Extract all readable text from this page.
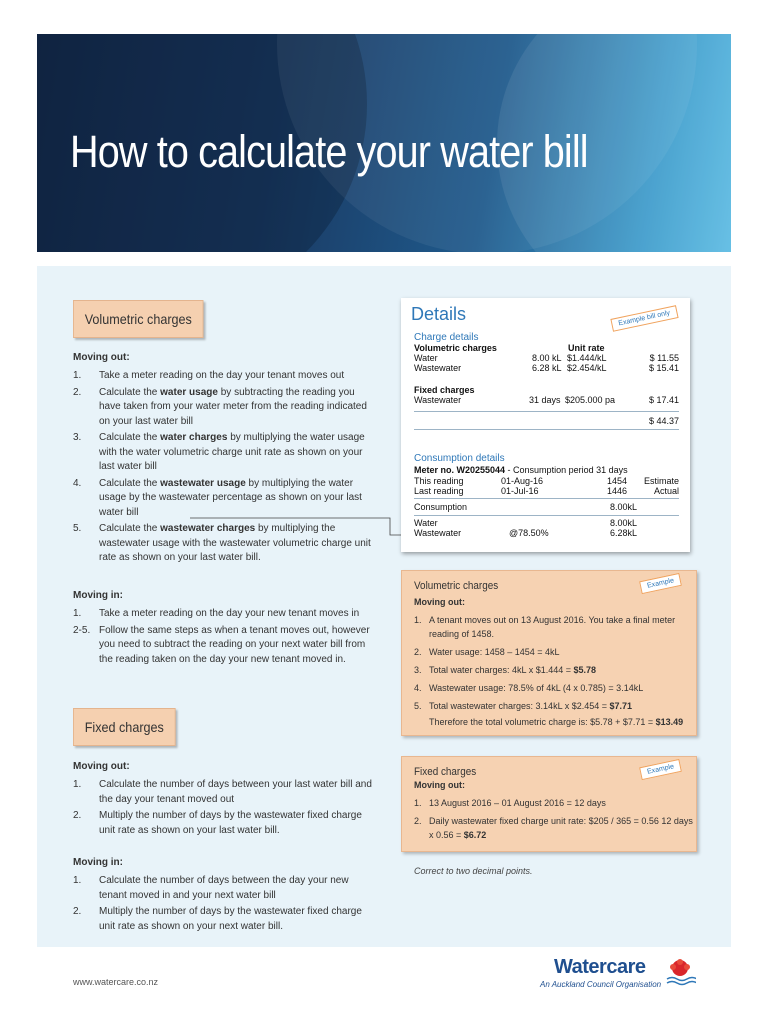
How to calculate your water bill
Volumetric charges

Moving out:

1. Take a meter reading on the day your tenant moves out
2. Calculate the water usage by subtracting the reading you have taken from your water meter from the reading indicated on your last water bill
3. Calculate the water charges by multiplying the water usage with the water volumetric charge unit rate as shown on your last water bill
4. Calculate the wastewater usage by multiplying the water usage by the wastewater percentage as shown on your last water bill
5. Calculate the wastewater charges by multiplying the wastewater usage with the wastewater volumetric charge unit rate as shown on your last water bill.

Moving in:

1. Take a meter reading on the day your new tenant moves in
2-5. Follow the same steps as when a tenant moves out, however you need to subtract the reading on your next water bill from the reading taken on the day your new tenant moved in.
Fixed charges

Moving out:

1. Calculate the number of days between your last water bill and the day your tenant moved out
2. Multiply the number of days by the wastewater fixed charge unit rate as shown on your last water bill.

Moving in:

1. Calculate the number of days between the day your new tenant moved in and your next water bill
2. Multiply the number of days by the wastewater fixed charge unit rate as shown on your next water bill.
Details	Example bill only
Charge details
Volumetric charges	Unit rate
Water	8.00 kL $1.444/kL	$ 11.55
Wastewater	6.28 kL $2.454/kL	$ 15.41
Fixed charges
Wastewater	31 days $205.000 pa	$ 17.41
$ 44.37
Consumption details
Meter no. W20255044 - Consumption period 31 days
This reading	01-Aug-16	1454 Estimate
Last reading	01-Jul-16	1446	Actual
Consumption	8.00kL
Water	8.00kL
Wastewater	@78.50%	6.28kL
Volumetric charges	Example
Moving out:
1. A tenant moves out on 13 August 2016. You take a final meter reading of 1458.
2. Water usage: 1458 – 1454 = 4kL
3. Total water charges: 4kL x $1.444 = $5.78
4. Wastewater usage: 78.5% of 4kL (4 x 0.785) = 3.14kL
5. Total wastewater charges: 3.14kL x $2.454 = $7.71
Therefore the total volumetric charge is: $5.78 + $7.71 = $13.49
Fixed charges	Example
Moving out:
1. 13 August 2016 – 01 August 2016 = 12 days
2. Daily wastewater fixed charge unit rate: $205 / 365 = 0.56 12 days x 0.56 = $6.72
Correct to two decimal points.
www.watercare.co.nz
Watercare
An Auckland Council Organisation
